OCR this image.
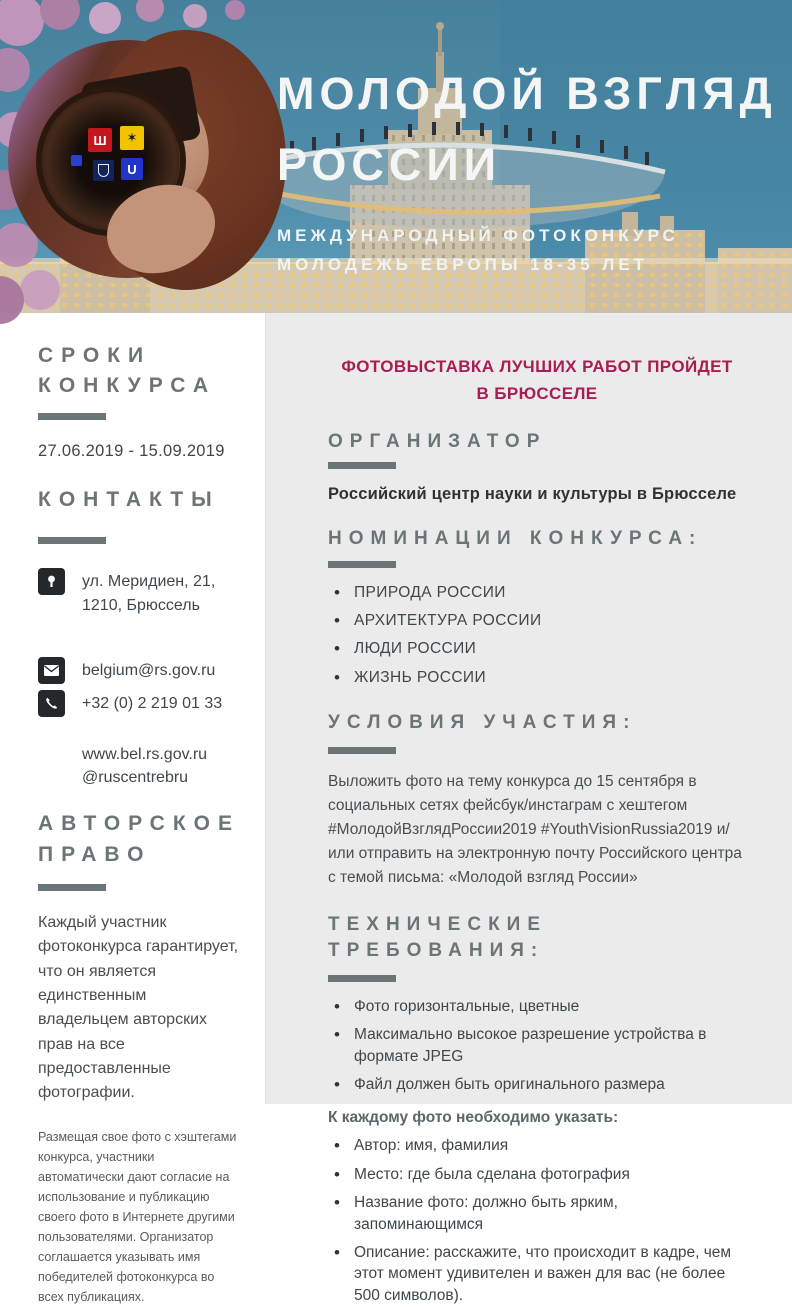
Ш	✶
U
МОЛОДОЙ ВЗГЛЯД
РОССИИ
МЕЖДУНАРОДНЫЙ ФОТОКОНКУРС
МОЛОДЕЖЬ ЕВРОПЫ 18-35 ЛЕТ
СРОКИ КОНКУРСА
27.06.2019 - 15.09.2019
КОНТАКТЫ
ул. Меридиен, 21,
1210, Брюссель
belgium@rs.gov.ru
+32 (0) 2 219 01 33
www.bel.rs.gov.ru
@ruscentrebru
АВТОРСКОЕ ПРАВО
Каждый участник фотоконкурса гарантирует, что он является единственным владельцем авторских прав на все предоставленные фотографии.
Размещая свое фото с хэштегами конкурса, участники автоматически дают согласие на использование и публикацию своего фото в Интернете другими пользователями. Организатор соглашается указывать имя победителей фотоконкурса во всех публикациях.
ФОТОВЫСТАВКА ЛУЧШИХ РАБОТ ПРОЙДЕТ
В БРЮССЕЛЕ
ОРГАНИЗАТОР
Российский центр науки и культуры в Брюсселе
НОМИНАЦИИ КОНКУРСА:
• ПРИРОДА РОССИИ
• АРХИТЕКТУРА РОССИИ
• ЛЮДИ РОССИИ
• ЖИЗНЬ РОССИИ
УСЛОВИЯ УЧАСТИЯ:
Выложить фото на тему конкурса до 15 сентября в социальных сетях фейсбук/инстаграм с хештегом #МолодойВзглядРоссии2019 #YouthVisionRussia2019 и/или отправить на электронную почту Российского центра с темой письма: «Молодой взгляд России»
ТЕХНИЧЕСКИЕ ТРЕБОВАНИЯ:
• Фото горизонтальные, цветные
• Максимально высокое разрешение устройства в формате JPEG
• Файл должен быть оригинального размера
К каждому фото необходимо указать:
• Автор: имя, фамилия
• Место: где была сделана фотография
• Название фото: должно быть ярким, запоминающимся
• Описание: расскажите, что происходит в кадре, чем этот момент удивителен и важен для вас (не более 500 символов).
